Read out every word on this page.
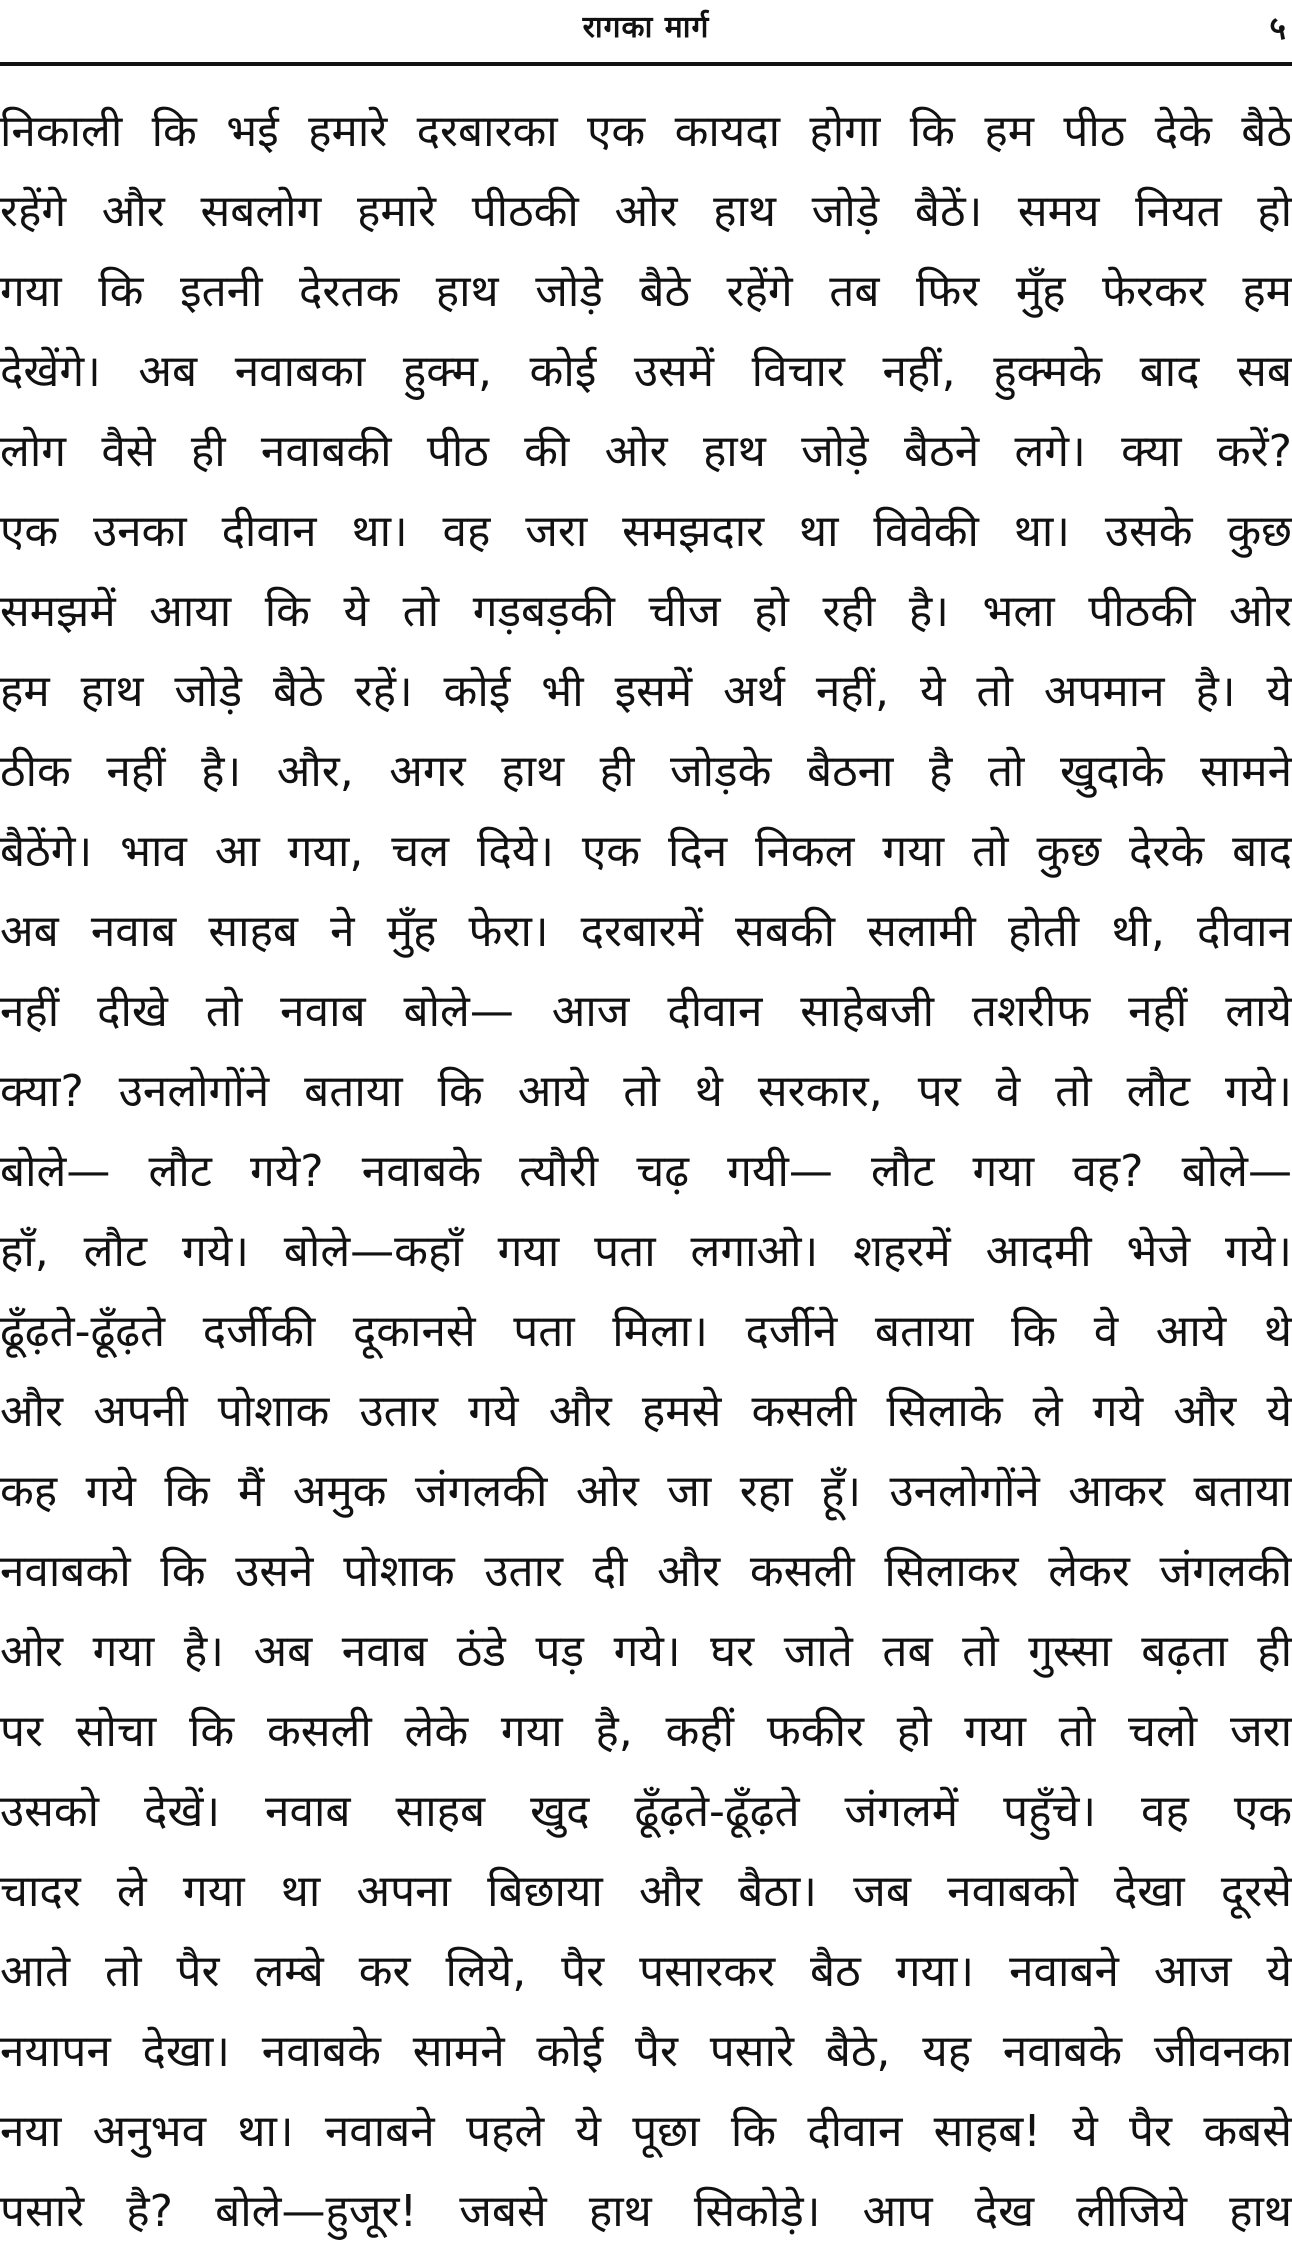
रागका मार्ग	५
निकाली कि भई हमारे दरबारका एक कायदा होगा कि हम पीठ देके बैठे
रहेंगे और सबलोग हमारे पीठकी ओर हाथ जोड़े बैठें। समय नियत हो
गया कि इतनी देरतक हाथ जोड़े बैठे रहेंगे तब फिर मुँह फेरकर हम
देखेंगे। अब नवाबका हुक्म, कोई उसमें विचार नहीं, हुक्मके बाद सब
लोग वैसे ही नवाबकी पीठ की ओर हाथ जोड़े बैठने लगे। क्या करें?
एक उनका दीवान था। वह जरा समझदार था विवेकी था। उसके कुछ
समझमें आया कि ये तो गड़बड़की चीज हो रही है। भला पीठकी ओर
हम हाथ जोड़े बैठे रहें। कोई भी इसमें अर्थ नहीं, ये तो अपमान है। ये
ठीक नहीं है। और, अगर हाथ ही जोड़के बैठना है तो खुदाके सामने
बैठेंगे। भाव आ गया, चल दिये। एक दिन निकल गया तो कुछ देरके बाद
अब नवाब साहब ने मुँह फेरा। दरबारमें सबकी सलामी होती थी, दीवान
नहीं दीखे तो नवाब बोले— आज दीवान साहेबजी तशरीफ नहीं लाये
क्या? उनलोगोंने बताया कि आये तो थे सरकार, पर वे तो लौट गये।
बोले— लौट गये? नवाबके त्यौरी चढ़ गयी— लौट गया वह? बोले—
हाँ, लौट गये। बोले—कहाँ गया पता लगाओ। शहरमें आदमी भेजे गये।
ढूँढ़ते-ढूँढ़ते दर्जीकी दूकानसे पता मिला। दर्जीने बताया कि वे आये थे
और अपनी पोशाक उतार गये और हमसे कसली सिलाके ले गये और ये
कह गये कि मैं अमुक जंगलकी ओर जा रहा हूँ। उनलोगोंने आकर बताया
नवाबको कि उसने पोशाक उतार दी और कसली सिलाकर लेकर जंगलकी
ओर गया है। अब नवाब ठंडे पड़ गये। घर जाते तब तो गुस्सा बढ़ता ही
पर सोचा कि कसली लेके गया है, कहीं फकीर हो गया तो चलो जरा
उसको देखें। नवाब साहब खुद ढूँढ़ते-ढूँढ़ते जंगलमें पहुँचे। वह एक
चादर ले गया था अपना बिछाया और बैठा। जब नवाबको देखा दूरसे
आते तो पैर लम्बे कर लिये, पैर पसारकर बैठ गया। नवाबने आज ये
नयापन देखा। नवाबके सामने कोई पैर पसारे बैठे, यह नवाबके जीवनका
नया अनुभव था। नवाबने पहले ये पूछा कि दीवान साहब! ये पैर कबसे
पसारे है? बोले—हुजूर! जबसे हाथ सिकोड़े। आप देख लीजिये हाथ
